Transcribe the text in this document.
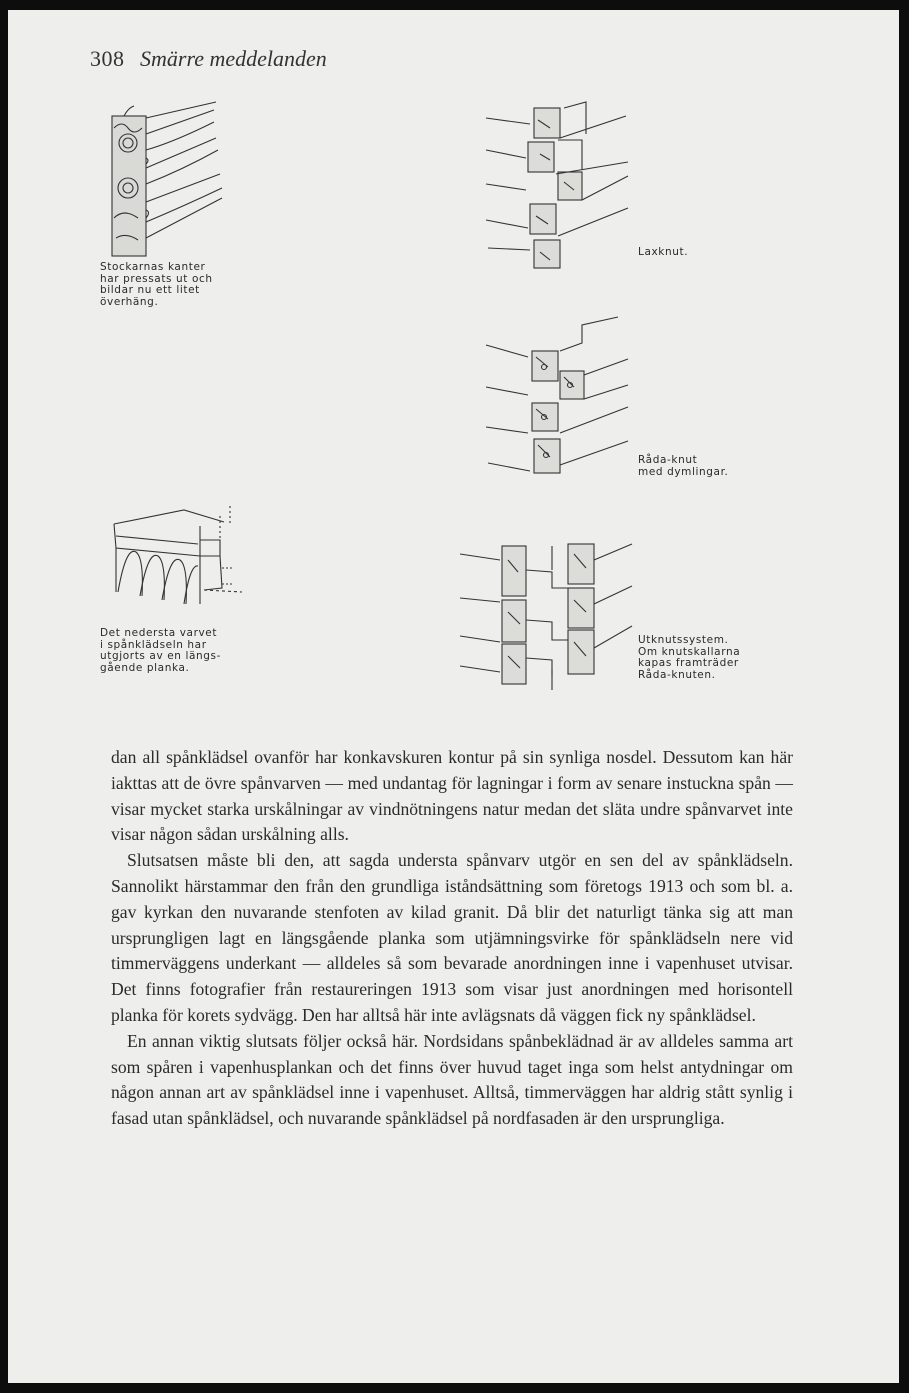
308 Smärre meddelanden
Stockarnas kanter
har pressats ut och
bildar nu ett litet
överhäng.
Laxknut.
Råda-knut
med dymlingar.
Det nedersta varvet
i spånklädseln har
utgjorts av en längs-
gående planka.
Utknutssystem.
Om knutskallarna
kapas framträder
Råda-knuten.

dan all spånklädsel ovanför har konkavskuren kontur på sin synliga nosdel. Dessutom kan här iakttas att de övre spånvarven — med undantag för lagningar i form av senare instuckna spån — visar mycket starka urskålningar av vindnötningens natur medan det släta undre spånvarvet inte visar någon sådan urskålning alls.

Slutsatsen måste bli den, att sagda understa spånvarv utgör en sen del av spånklädseln. Sannolikt härstammar den från den grundliga iståndsättning som företogs 1913 och som bl. a. gav kyrkan den nuvarande stenfoten av kilad granit. Då blir det naturligt tänka sig att man ursprungligen lagt en längsgående planka som utjämningsvirke för spånklädseln nere vid timmerväggens underkant — alldeles så som bevarade anordningen inne i vapenhuset utvisar. Det finns fotografier från restaureringen 1913 som visar just anordningen med horisontell planka för korets sydvägg. Den har alltså här inte avlägsnats då väggen fick ny spånklädsel.

En annan viktig slutsats följer också här. Nordsidans spånbeklädnad är av alldeles samma art som spåren i vapenhusplankan och det finns över huvud taget inga som helst antydningar om någon annan art av spånklädsel inne i vapenhuset. Alltså, timmerväggen har aldrig stått synlig i fasad utan spånklädsel, och nuvarande spånklädsel på nordfasaden är den ursprungliga.
